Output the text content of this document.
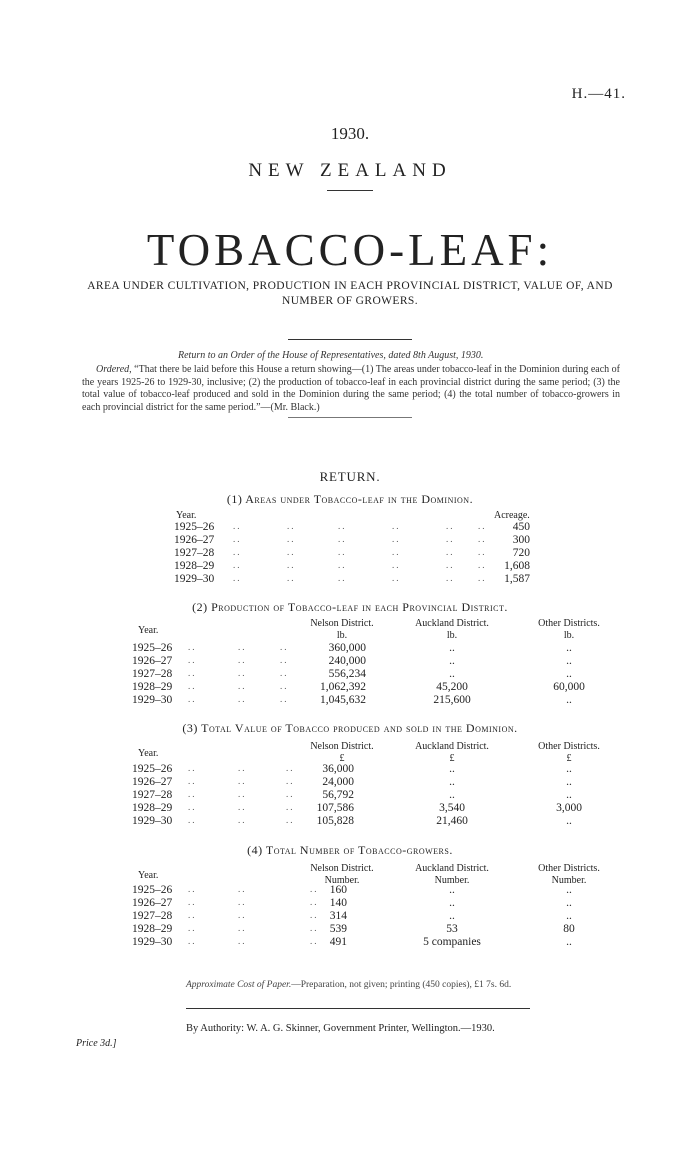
H.—41.
1930.
NEW ZEALAND
TOBACCO-LEAF:
AREA UNDER CULTIVATION, PRODUCTION IN EACH PROVINCIAL DISTRICT, VALUE OF, AND NUMBER OF GROWERS.
Return to an Order of the House of Representatives, dated 8th August, 1930.
Ordered, “That there be laid before this House a return showing—(1) The areas under tobacco-leaf in the Dominion during each of the years 1925-26 to 1929-30, inclusive; (2) the production of tobacco-leaf in each provincial district during the same period; (3) the total value of tobacco-leaf produced and sold in the Dominion during the same period; (4) the total number of tobacco-growers in each provincial district for the same period.”—(Mr. Black.)
RETURN.
(1) Areas under Tobacco-leaf in the Dominion.
Year.	Acreage.
1925–26 ..	..	..	..	..	..	450
1926–27 ..	..	..	..	..	..	300
1927–28 ..	..	..	..	..	..	720
1928–29 ..	..	..	..	..	..	1,608
1929–30 ..	..	..	..	..	..	1,587
(2) Production of Tobacco-leaf in each Provincial District.
Year.
Nelson District.
lb.
Auckland District.
lb.
Other Districts.
lb.
1925–26 ..	..	..	360,000	..	..
1926–27 ..	..	..	240,000	..	..
1927–28 ..	..	..	556,234	..	..
1928–29 ..	..	..	1,062,392	45,200	60,000
1929–30 ..	..	..	1,045,632	215,600	..
(3) Total Value of Tobacco produced and sold in the Dominion.
Year.
Nelson District.
£
Auckland District.
£
Other Districts.
£
1925–26 ..	..	..	36,000	..	..
1926–27 ..	..	..	24,000	..	..
1927–28 ..	..	..	56,792	..	..
1928–29 ..	..	..	107,586	3,540	3,000
1929–30 ..	..	..	105,828	21,460	..
(4) Total Number of Tobacco-growers.
Year.
Nelson District.
Number.
Auckland District.
Number.
Other Districts.
Number.
1925–26 ..	..	.. 160	..	..
1926–27 ..	..	.. 140	..	..
1927–28 ..	..	.. 314	..	..
1928–29 ..	..	.. 539	53	80
1929–30 ..	..	.. 491	5 companies	..
Approximate Cost of Paper.—Preparation, not given; printing (450 copies), £1 7s. 6d.
By Authority: W. A. G. Skinner, Government Printer, Wellington.—1930.
Price 3d.]
